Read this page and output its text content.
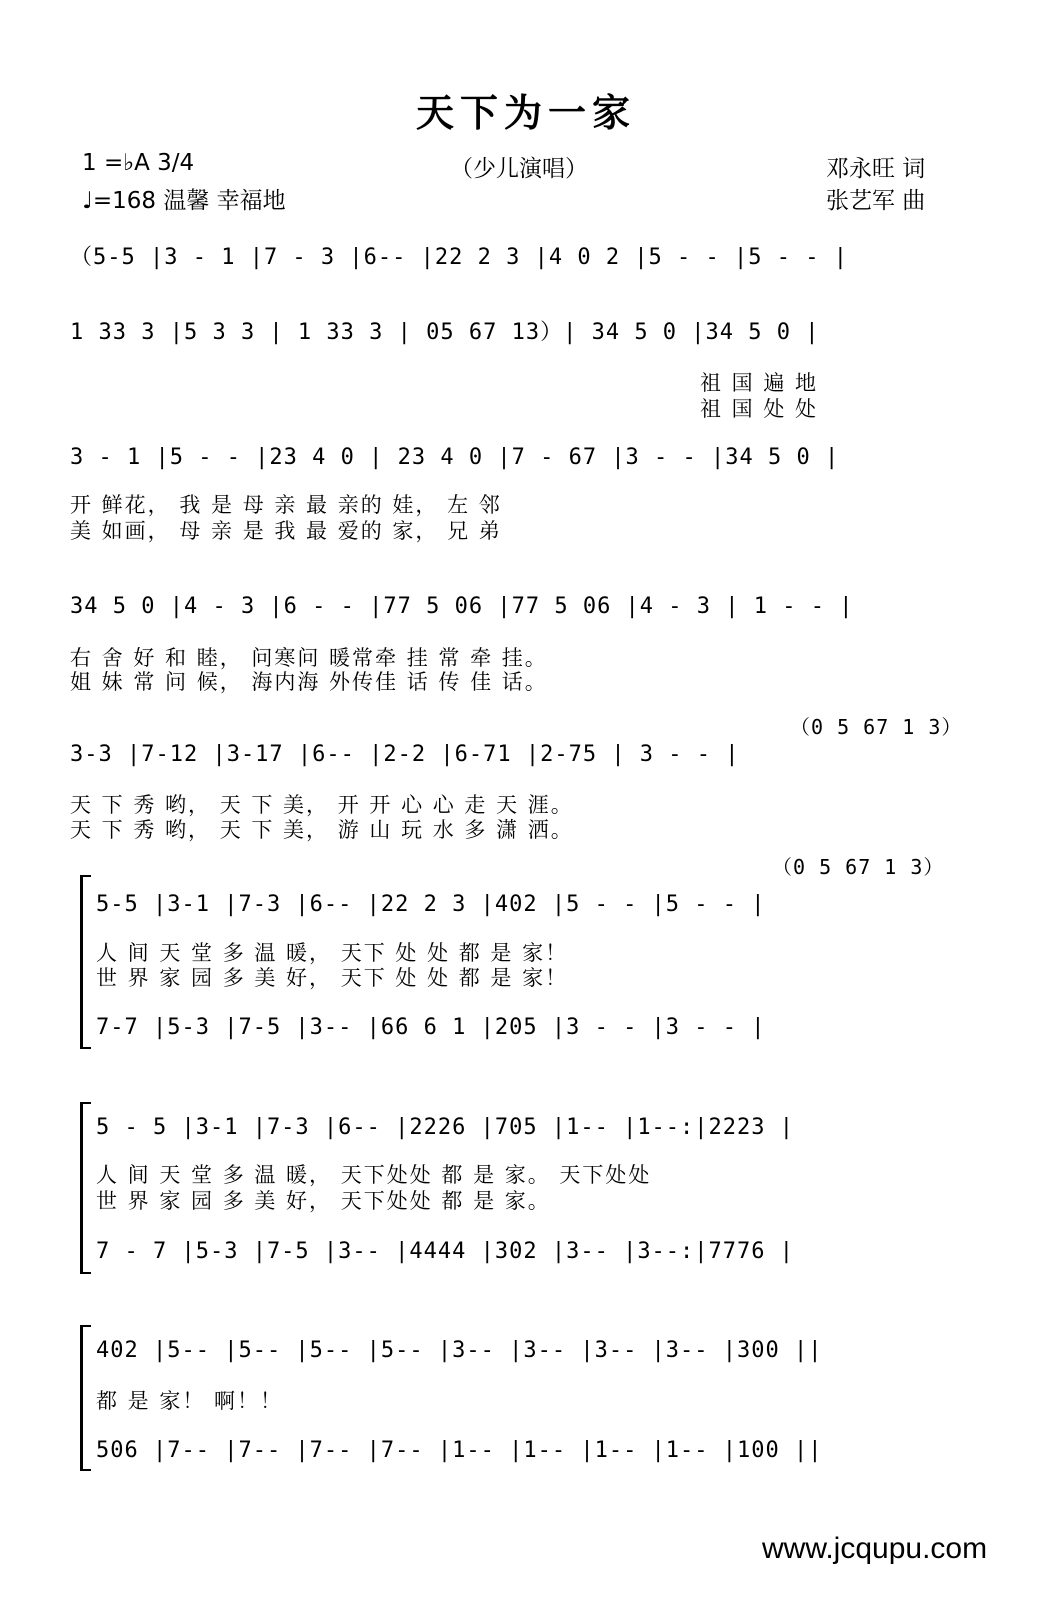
天下为一家
1 =♭A 3/4
♩=168 温馨 幸福地
（少儿演唱）	邓永旺 词
张艺军 曲
（5-5 |3 - 1 |7 - 3 |6-- |22 2 3 |4 0 2 |5 - - |5 - - |
1 33 3 |5 3 3 | 1 33 3 | 05 67 13）| 34 5 0 |34 5 0 |
祖 国 遍 地
祖 国 处 处
3 - 1 |5 - - |23 4 0 | 23 4 0 |7 - 67 |3 - - |34 5 0 |
开 鲜花， 我 是 母 亲 最 亲的 娃， 左 邻
美 如画， 母 亲 是 我 最 爱的 家， 兄 弟
34 5 0 |4 - 3 |6 - - |77 5 06 |77 5 06 |4 - 3 | 1 - - |
右 舍 好 和 睦， 问寒问 暖常牵 挂 常 牵 挂。
姐 妹 常 问 候， 海内海 外传佳 话 传 佳 话。
（0 5 67 1 3）
3-3 |7-12 |3-17 |6-- |2-2 |6-71 |2-75 | 3 - - |
天 下 秀 哟， 天 下 美， 开 开 心 心 走 天 涯。
天 下 秀 哟， 天 下 美， 游 山 玩 水 多 潇 洒。
（0 5 67 1 3）
5-5 |3-1 |7-3 |6-- |22 2 3 |402 |5 - - |5 - - |
人 间 天 堂 多 温 暖， 天下 处 处 都 是 家！
世 界 家 园 多 美 好， 天下 处 处 都 是 家！
7-7 |5-3 |7-5 |3-- |66 6 1 |205 |3 - - |3 - - |
5 - 5 |3-1 |7-3 |6-- |2226 |705 |1-- |1--:|2223 |
人 间 天 堂 多 温 暖， 天下处处 都 是 家。 天下处处
世 界 家 园 多 美 好， 天下处处 都 是 家。
7 - 7 |5-3 |7-5 |3-- |4444 |302 |3-- |3--:|7776 |
402 |5-- |5-- |5-- |5-- |3-- |3-- |3-- |3-- |300 ||
都 是 家！ 啊！！
506 |7-- |7-- |7-- |7-- |1-- |1-- |1-- |1-- |100 ||
www.jcqupu.com
